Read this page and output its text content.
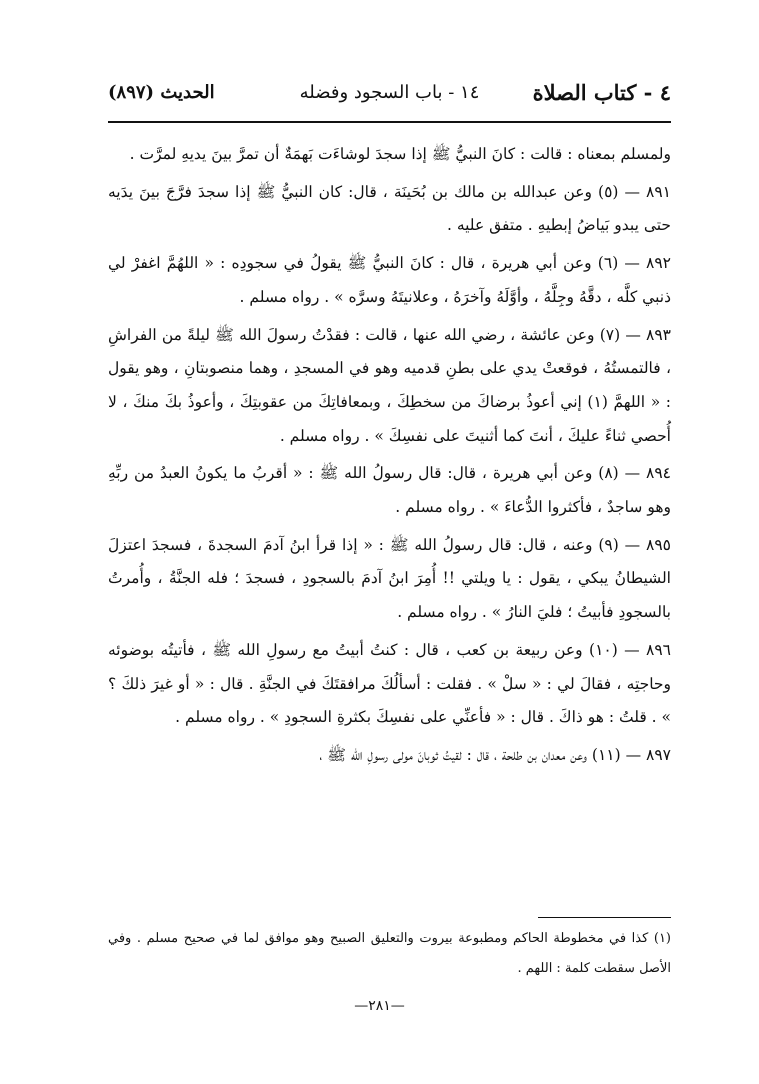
٤ - كتاب الصلاة
١٤ - باب السجود وفضله
الحديث (٨٩٧)

ولمسلم بمعناه : قالت : كانَ النبيُّ ﷺ إذا سجدَ لوشاءَت بَهمَةٌ أن تمرَّ بينَ يديهِ لمرَّت .

٨٩١ — (٥) وعن عبدالله بن مالك بن بُحَينَة ، قال: كان النبيُّ ﷺ إذا سجدَ فرَّجَ بينَ يدَيه حتى يبدو بَياضُ إبطيهِ . متفق عليه .

٨٩٢ — (٦) وعن أبي هريرة ، قال : كانَ النبيُّ ﷺ يقولُ في سجودِه : « اللهُمَّ اغفرْ لي ذنبي كلَّه ، دقَّهُ وجِلَّهُ ، وأوَّلَهُ وآخرَهُ ، وعلانيتَهُ وسرَّه » . رواه مسلم .

٨٩٣ — (٧) وعن عائشة ، رضي الله عنها ، قالت : فقدْتُ رسولَ الله ﷺ ليلةً من الفراشِ ، فالتمستُهُ ، فوقعتْ يدي على بطنِ قدميه وهو في المسجدِ ، وهما منصوبتانِ ، وهو يقول : « اللهمَّ (١) إني أعوذُ برضاكَ من سخطِكَ ، وبمعافاتِكَ من عقوبتِكَ ، وأعوذُ بكَ منكَ ، لا أُحصي ثناءً عليكَ ، أنتَ كما أثنيتَ على نفسِكَ » . رواه مسلم .

٨٩٤ — (٨) وعن أبي هريرة ، قال: قال رسولُ الله ﷺ : « أقربُ ما يكونُ العبدُ من ربِّهِ وهو ساجدٌ ، فأكثروا الدُّعاءَ » . رواه مسلم .

٨٩٥ — (٩) وعنه ، قال: قال رسولُ الله ﷺ : « إذا قرأ ابنُ آدمَ السجدةَ ، فسجدَ اعتزلَ الشيطانُ يبكي ، يقول : يا ويلتي !! أُمِرَ ابنُ آدمَ بالسجودِ ، فسجدَ ؛ فله الجنَّةُ ، وأُمرتُ بالسجودِ فأبيتُ ؛ فليَ النارُ » . رواه مسلم .

٨٩٦ — (١٠) وعن ربيعة بن كعب ، قال : كنتُ أبيتُ مع رسولِ الله ﷺ ، فأتيتُه بوضوئه وحاجتِه ، فقالَ لي : « سلْ » . فقلت : أسألُكَ مرافقتَكَ في الجنَّةِ . قال : « أو غيرَ ذلكَ ؟ » . قلتُ : هو ذاكَ . قال : « فأعنِّي على نفسِكَ بكثرةِ السجودِ » . رواه مسلم .

٨٩٧ — (١١) وعن معدان بن طلحة ، قال : لقيتُ ثوبانَ مولى رسولِ الله ﷺ ،

(١) كذا في مخطوطة الحاكم ومطبوعة بيروت والتعليق الصبيح وهو موافق لما في صحيح مسلم . وفي الأصل سقطت كلمة : اللهم .

—٢٨١—
